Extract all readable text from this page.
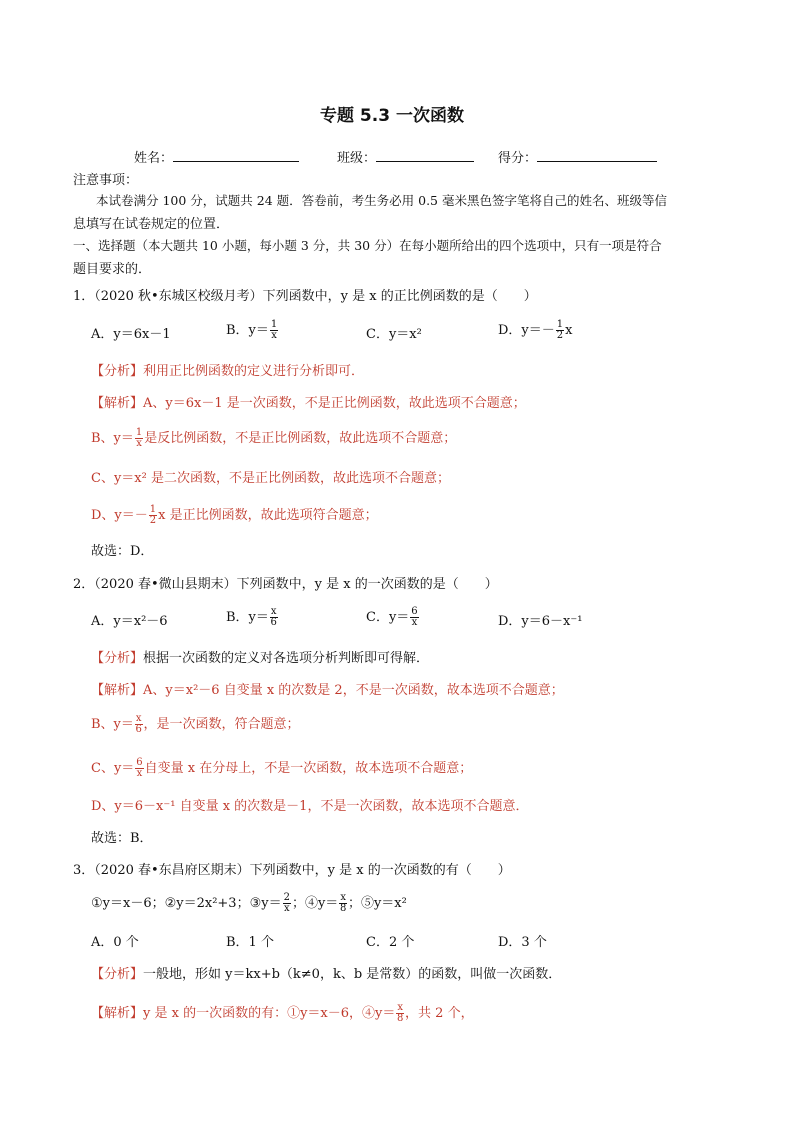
专题 5.3 一次函数
姓名：	班级：	得分：
注意事项：
本试卷满分 100 分，试题共 24 题．答卷前，考生务必用 0.5 毫米黑色签字笔将自己的姓名、班级等信
息填写在试卷规定的位置．
一、选择题（本大题共 10 小题，每小题 3 分，共 30 分）在每小题所给出的四个选项中，只有一项是符合
题目要求的．
1．（2020 秋•东城区校级月考）下列函数中，y 是 x 的正比例函数的是（　　）
A．y＝6x－1	B．$y= \frac{1}{x}$	C．y＝x²	D．$y=- \frac{1}{2}$ x
【分析】利用正比例函数的定义进行分析即可．
【解析】A、y＝6x－1 是一次函数，不是正比例函数，故此选项不合题意；
B、$y= \frac{1}{x}$ 是反比例函数，不是正比例函数，故此选项不合题意；
C、y＝x² 是二次函数，不是正比例函数，故此选项不合题意；
D、$y=- \frac{1}{2}$ x 是正比例函数，故此选项符合题意；
故选：D．
2．（2020 春•微山县期末）下列函数中，y 是 x 的一次函数的是（　　）
A．y＝x²－6	B．$y= \frac{x}{6}$	C．$y= \frac{6}{x}$	D．y＝6－x⁻¹
【分析】根据一次函数的定义对各选项分析判断即可得解．
【解析】A、y＝x²－6 自变量 x 的次数是 2，不是一次函数，故本选项不合题意；
B、$y= \frac{x}{6}$ ，是一次函数，符合题意；
C、$y= \frac{6}{x}$ 自变量 x 在分母上，不是一次函数，故本选项不合题意；
D、y＝6－x⁻¹ 自变量 x 的次数是－1，不是一次函数，故本选项不合题意．
故选：B．
3．（2020 春•东昌府区期末）下列函数中，y 是 x 的一次函数的有（　　）
①y＝x－6；②y＝2x²+3；③y＝ $\frac{2}{x}$ ；④y＝ $\frac{x}{8}$ ；⑤y＝x²
A．0 个	B．1 个	C．2 个	D．3 个
【分析】一般地，形如 y＝kx+b（k≠0，k、b 是常数）的函数，叫做一次函数．
【解析】y 是 x 的一次函数的有：①y＝x－6，④y＝ $\frac{x}{8}$ ，共 2 个，
